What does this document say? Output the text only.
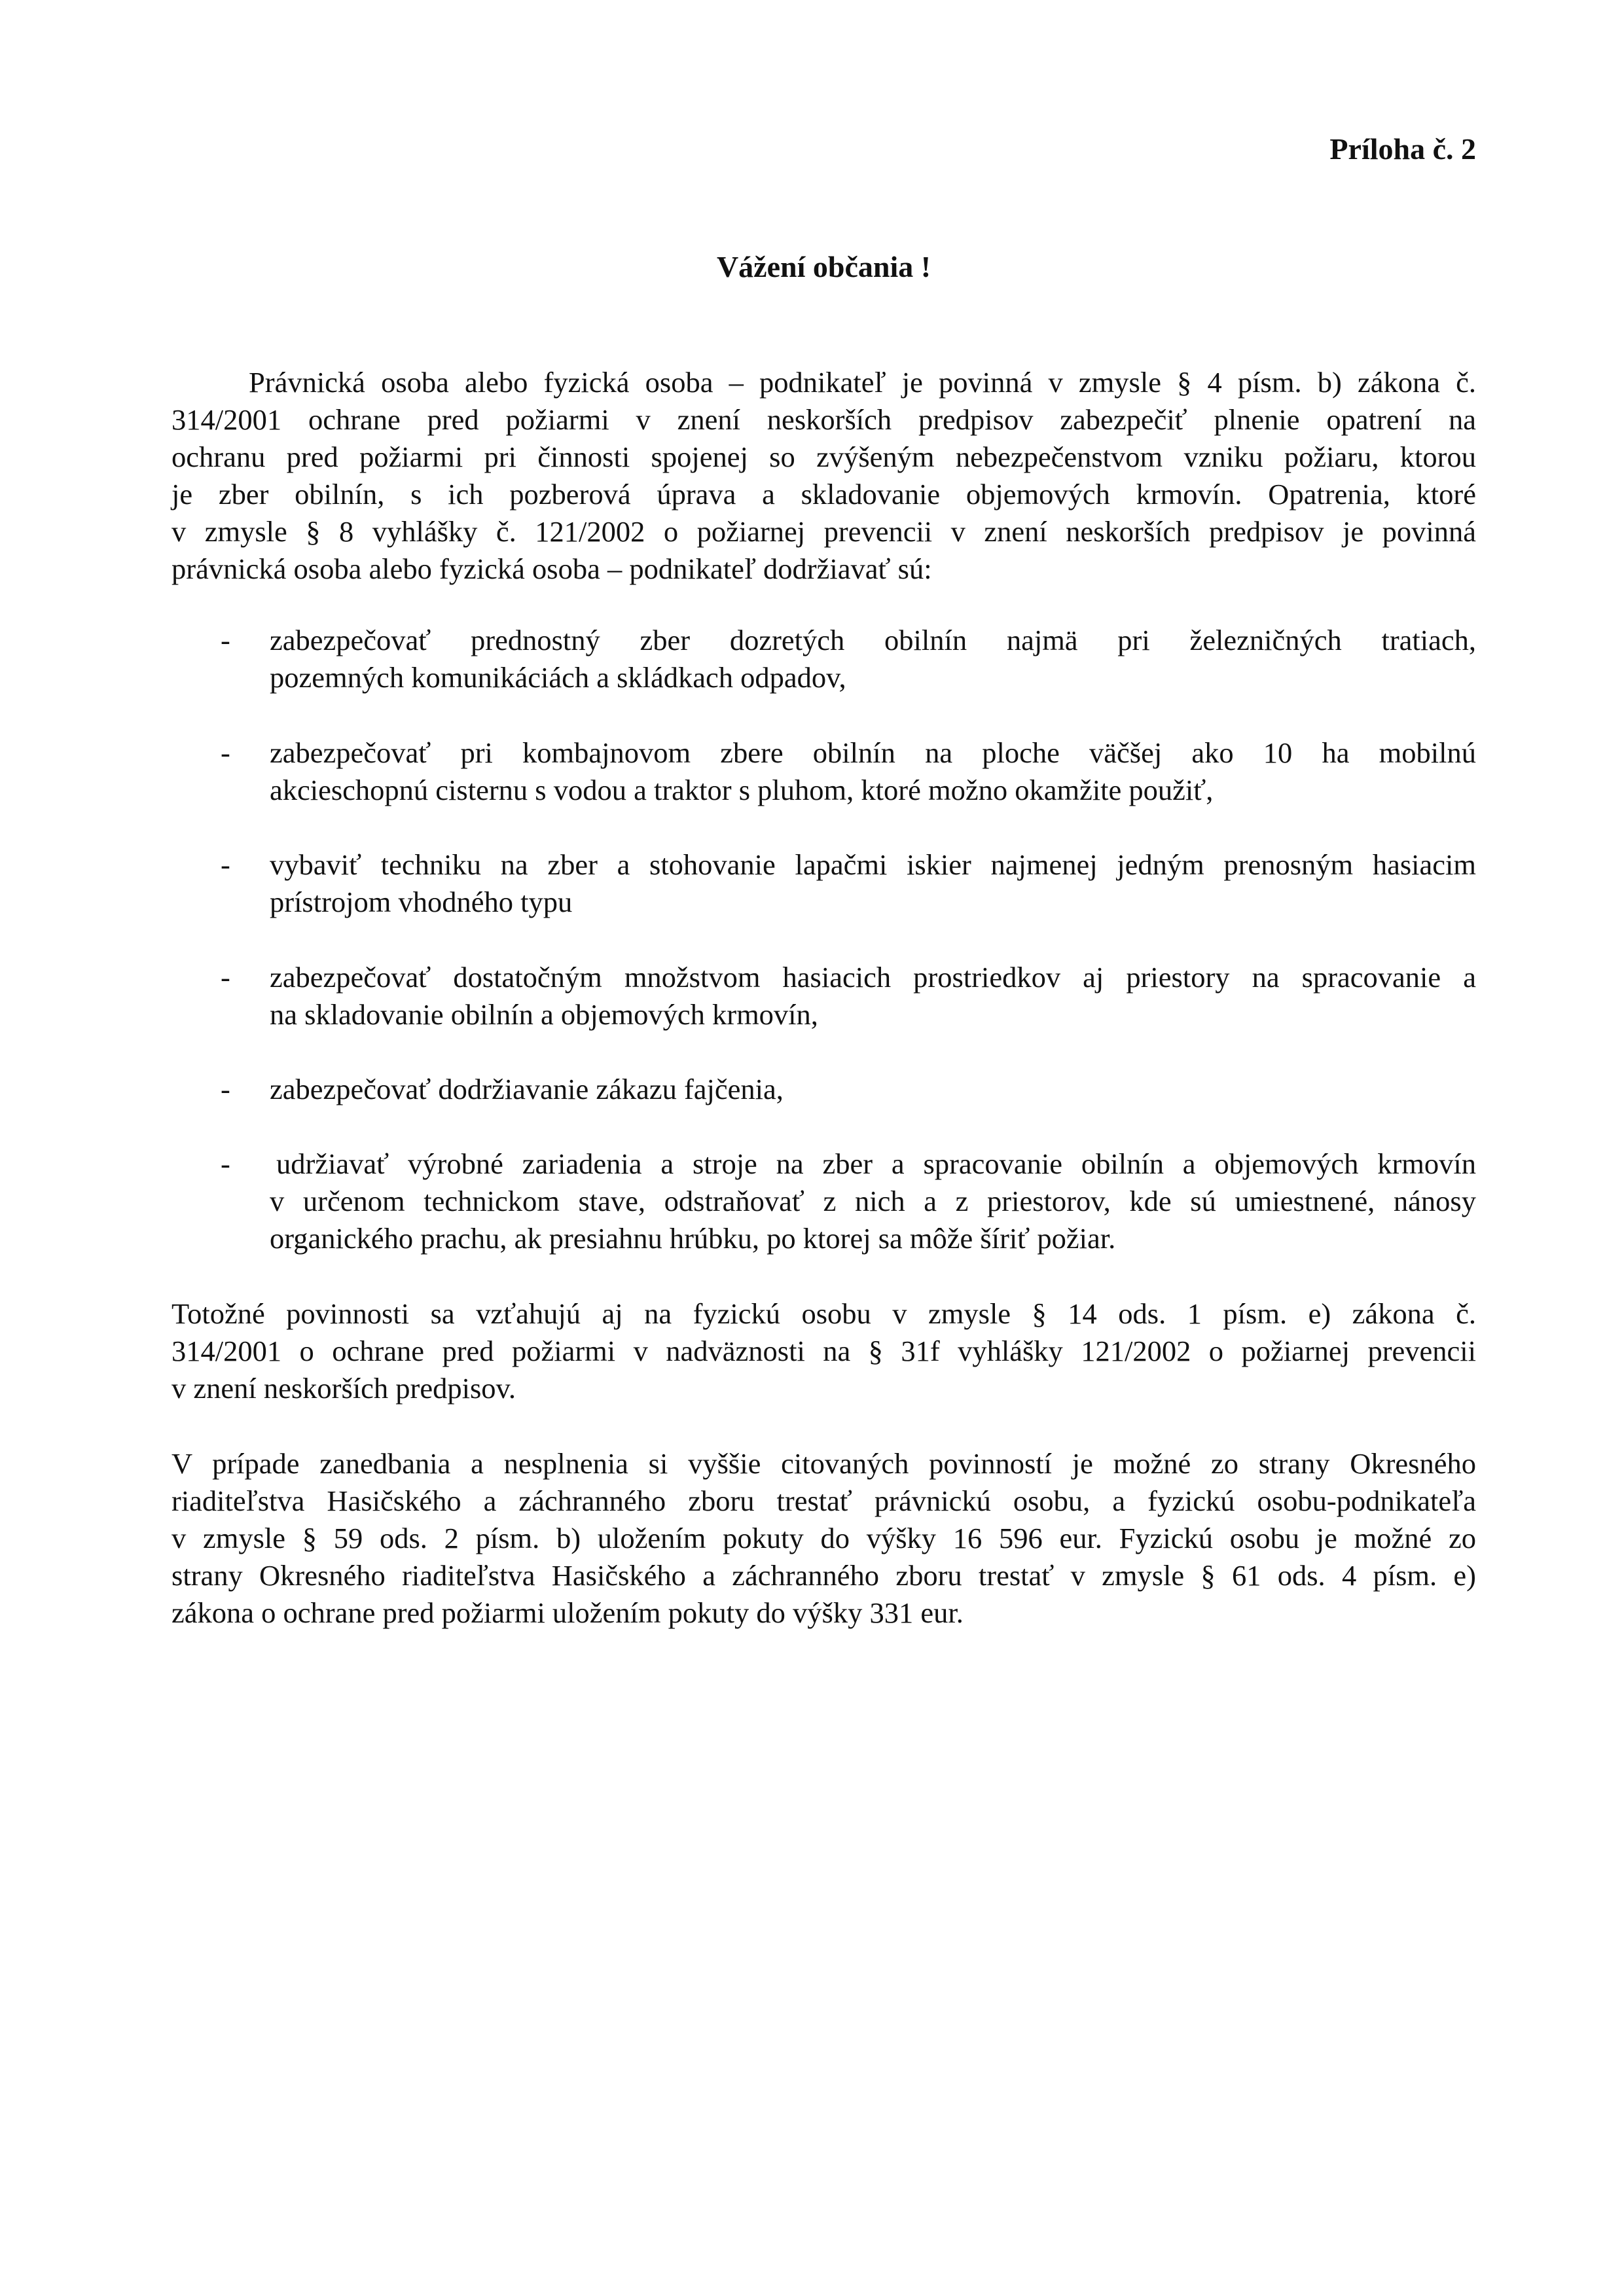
Príloha č. 2
Vážení občania !
Právnická osoba alebo fyzická osoba – podnikateľ je povinná v zmysle § 4 písm. b) zákona č.
314/2001 ochrane pred požiarmi v znení neskorších predpisov zabezpečiť plnenie opatrení na
ochranu pred požiarmi pri činnosti spojenej so zvýšeným nebezpečenstvom vzniku požiaru, ktorou
je zber obilnín, s ich pozberová úprava a skladovanie objemových krmovín. Opatrenia, ktoré
v zmysle § 8 vyhlášky č. 121/2002 o požiarnej prevencii v znení neskorších predpisov je povinná
právnická osoba alebo fyzická osoba – podnikateľ dodržiavať sú:
- zabezpečovať prednostný zber dozretých obilnín najmä pri železničných tratiach,
pozemných komunikáciách a skládkach odpadov,
- zabezpečovať pri kombajnovom zbere obilnín na ploche väčšej ako 10 ha mobilnú
akcieschopnú cisternu s vodou a traktor s pluhom, ktoré možno okamžite použiť,
- vybaviť techniku na zber a stohovanie lapačmi iskier najmenej jedným prenosným hasiacim
prístrojom vhodného typu
- zabezpečovať dostatočným množstvom hasiacich prostriedkov aj priestory na spracovanie a
na skladovanie obilnín a objemových krmovín,
- zabezpečovať dodržiavanie zákazu fajčenia,
- udržiavať výrobné zariadenia a stroje na zber a spracovanie obilnín a objemových krmovín
v určenom technickom stave, odstraňovať z nich a z priestorov, kde sú umiestnené, nánosy
organického prachu, ak presiahnu hrúbku, po ktorej sa môže šíriť požiar.
Totožné povinnosti sa vzťahujú aj na fyzickú osobu v zmysle § 14 ods. 1 písm. e) zákona č.
314/2001 o ochrane pred požiarmi v nadväznosti na § 31f vyhlášky 121/2002 o požiarnej prevencii
v znení neskorších predpisov.
V prípade zanedbania a nesplnenia si vyššie citovaných povinností je možné zo strany Okresného
riaditeľstva Hasičského a záchranného zboru trestať právnickú osobu, a fyzickú osobu-podnikateľa
v zmysle § 59 ods. 2 písm. b) uložením pokuty do výšky 16 596 eur. Fyzickú osobu je možné zo
strany Okresného riaditeľstva Hasičského a záchranného zboru trestať v zmysle § 61 ods. 4 písm. e)
zákona o ochrane pred požiarmi uložením pokuty do výšky 331 eur.
